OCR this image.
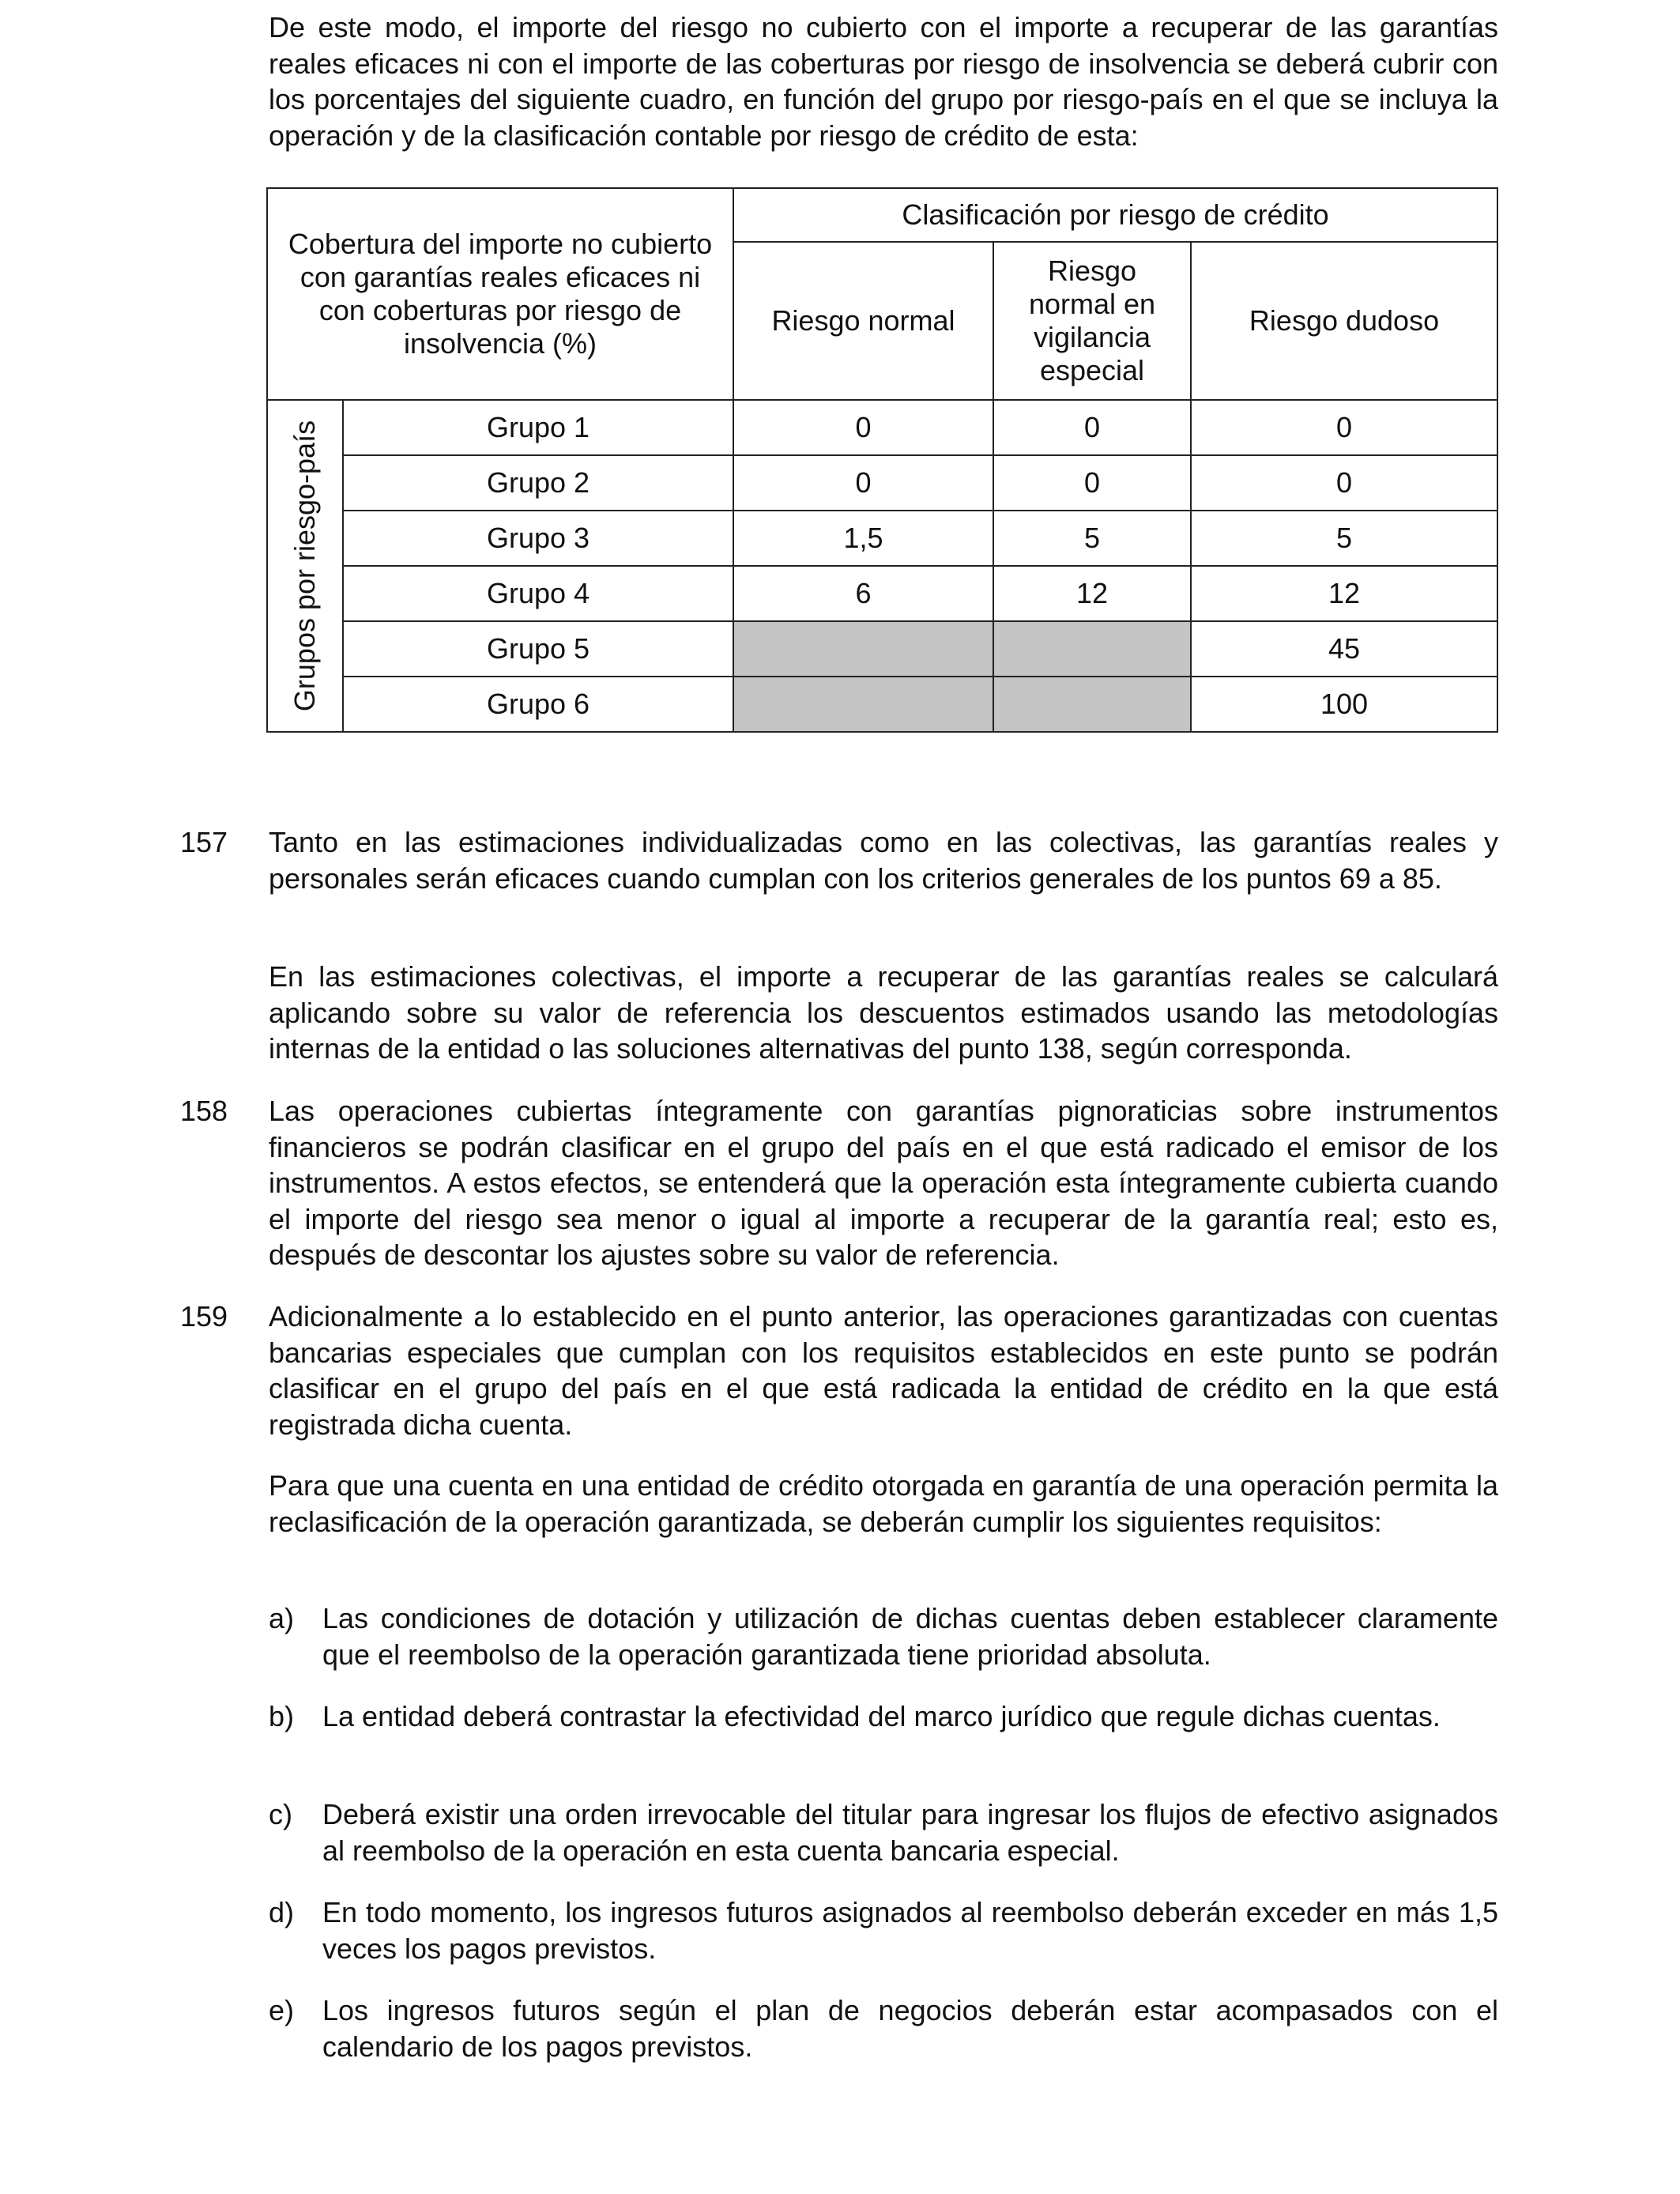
De este modo, el importe del riesgo no cubierto con el importe a recuperar de las garantías reales eficaces ni con el importe de las coberturas por riesgo de insolvencia se deberá cubrir con los porcentajes del siguiente cuadro, en función del grupo por riesgo-país en el que se incluya la operación y de la clasificación contable por riesgo de crédito de esta:

Cobertura del importe no cubierto con garantías reales eficaces ni con coberturas por riesgo de insolvencia (%)		Clasificación por riesgo de crédito		
		Riesgo normal	Riesgo normal en vigilancia especial	Riesgo dudoso

Grupos por riesgo-país	Grupo 1	0	0	0
	Grupo 2	0	0	0
	Grupo 3	1,5	5	5
	Grupo 4	6	12	12
	Grupo 5			45
	Grupo 6			100
157 Tanto en las estimaciones individualizadas como en las colectivas, las garantías reales y personales serán eficaces cuando cumplan con los criterios generales de los puntos 69 a 85.

En las estimaciones colectivas, el importe a recuperar de las garantías reales se calculará aplicando sobre su valor de referencia los descuentos estimados usando las metodologías internas de la entidad o las soluciones alternativas del punto 138, según corresponda.

158 Las operaciones cubiertas íntegramente con garantías pignoraticias sobre instrumentos financieros se podrán clasificar en el grupo del país en el que está radicado el emisor de los instrumentos. A estos efectos, se entenderá que la operación esta íntegramente cubierta cuando el importe del riesgo sea menor o igual al importe a recuperar de la garantía real; esto es, después de descontar los ajustes sobre su valor de referencia.

159 Adicionalmente a lo establecido en el punto anterior, las operaciones garantizadas con cuentas bancarias especiales que cumplan con los requisitos establecidos en este punto se podrán clasificar en el grupo del país en el que está radicada la entidad de crédito en la que está registrada dicha cuenta.

Para que una cuenta en una entidad de crédito otorgada en garantía de una operación permita la reclasificación de la operación garantizada, se deberán cumplir los siguientes requisitos:

a) Las condiciones de dotación y utilización de dichas cuentas deben establecer claramente que el reembolso de la operación garantizada tiene prioridad absoluta.

b) La entidad deberá contrastar la efectividad del marco jurídico que regule dichas cuentas.

c) Deberá existir una orden irrevocable del titular para ingresar los flujos de efectivo asignados al reembolso de la operación en esta cuenta bancaria especial.

d) En todo momento, los ingresos futuros asignados al reembolso deberán exceder en más 1,5 veces los pagos previstos.

e) Los ingresos futuros según el plan de negocios deberán estar acompasados con el calendario de los pagos previstos.
